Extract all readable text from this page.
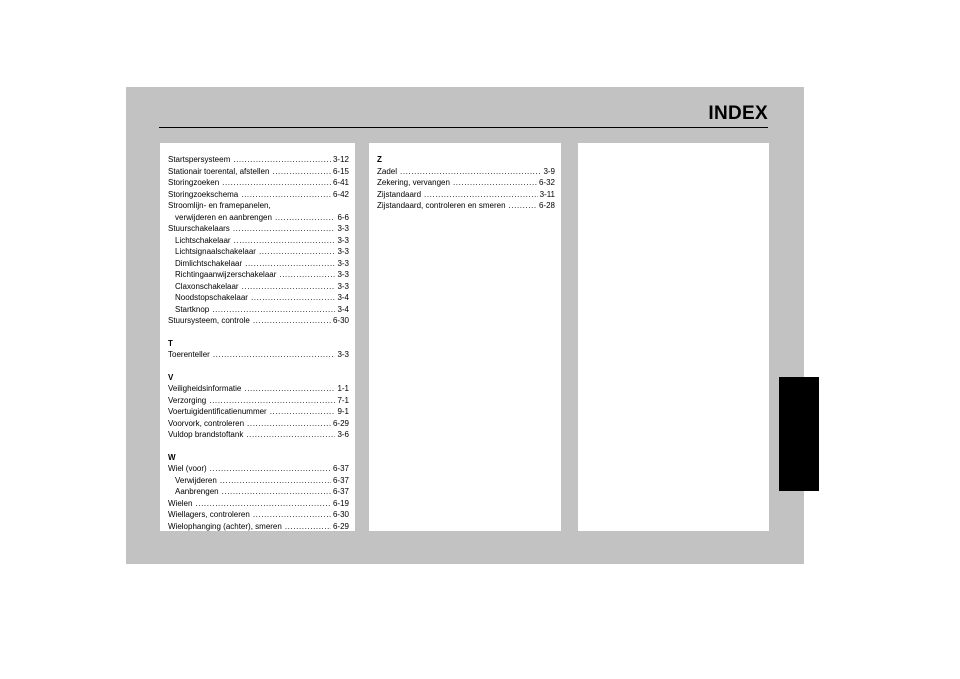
INDEX
Startspersysteem .....	3-12
Stationair toerental, afstellen .....	6-15
Storingzoeken .....	6-41
Storingzoekschema .....	6-42
Stroomlijn- en framepanelen,
verwijderen en aanbrengen .....	6-6
Stuurschakelaars .....	3-3
Lichtschakelaar .....	3-3
Lichtsignaalschakelaar .....	3-3
Dimlichtschakelaar .....	3-3
Richtingaanwijzerschakelaar .....	3-3
Claxonschakelaar .....	3-3
Noodstopschakelaar .....	3-4
Startknop .....	3-4
Stuursysteem, controle .....	6-30
T
Toerenteller .....	3-3
V
Veiligheidsinformatie .....	1-1
Verzorging .....	7-1
Voertuigidentificatienummer .....	9-1
Voorvork, controleren .....	6-29
Vuldop brandstoftank .....	3-6
W
Wiel (voor) .....	6-37
Verwijderen .....	6-37
Aanbrengen .....	6-37
Wielen .....	6-19
Wiellagers, controleren .....	6-30
Wielophanging (achter), smeren .....	6-29
Z
Zadel .....	3-9
Zekering, vervangen .....	6-32
Zijstandaard .....	3-11
Zijstandaard, controleren en smeren .....	6-28
